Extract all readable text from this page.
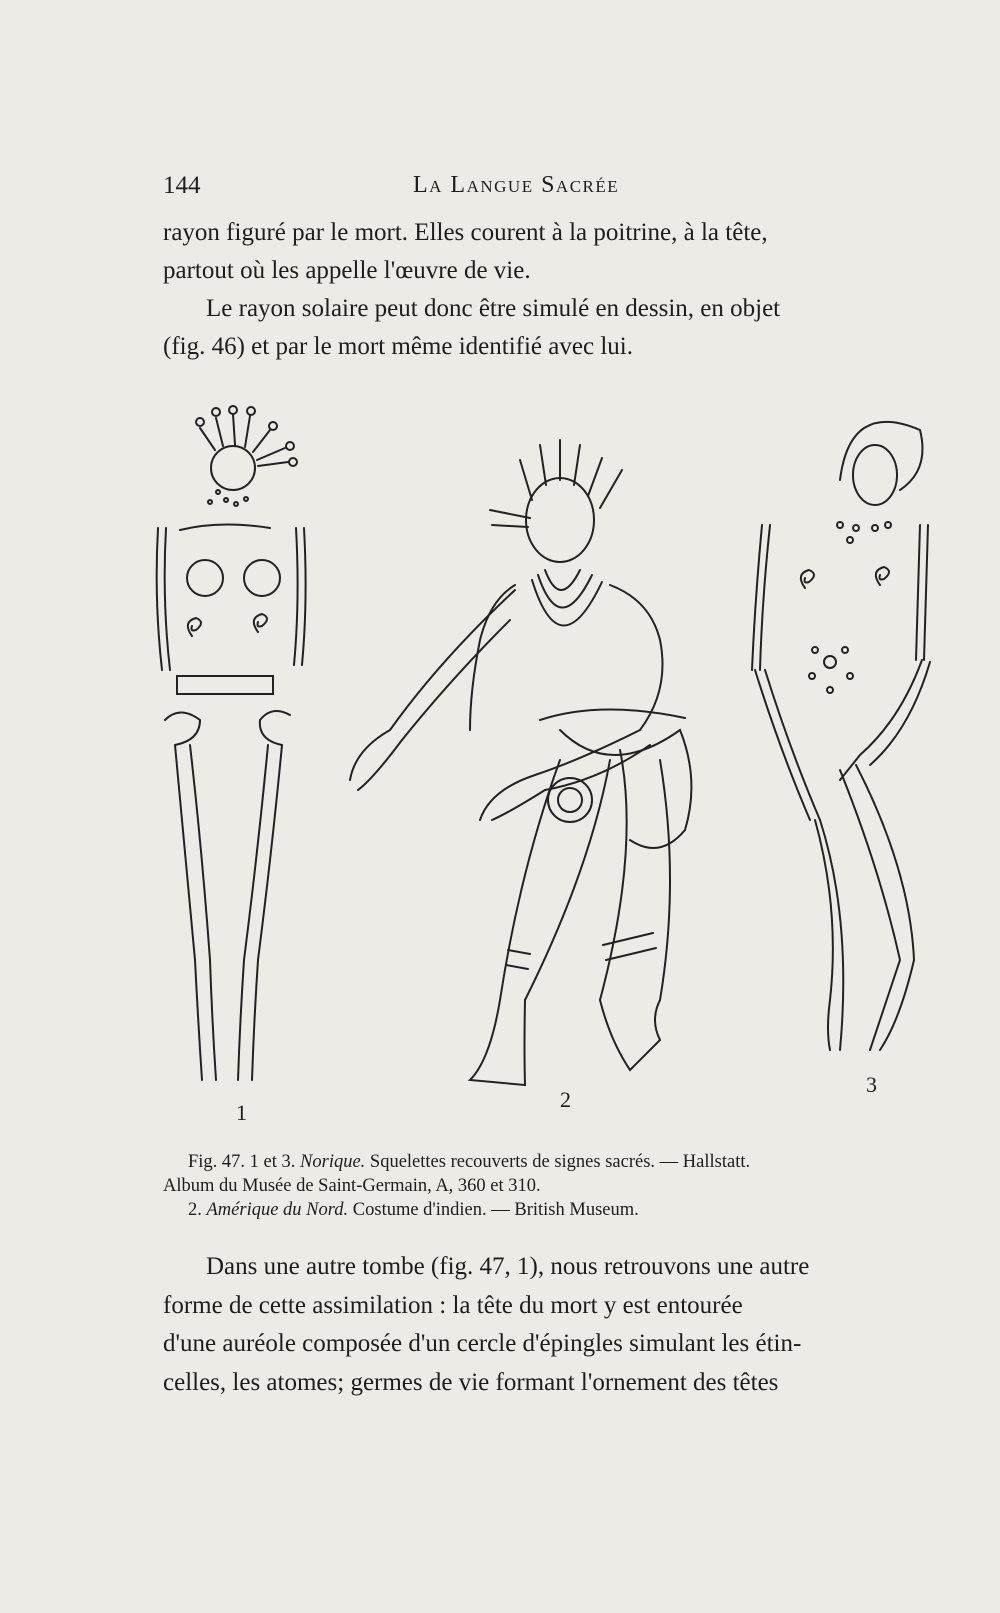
144	La Langue Sacrée
rayon figuré par le mort. Elles courent à la poitrine, à la tête,
partout où les appelle l'œuvre de vie.
Le rayon solaire peut donc être simulé en dessin, en objet
(fig. 46) et par le mort même identifié avec lui.
1
2
3
Fig. 47. 1 et 3. Norique. Squelettes recouverts de signes sacrés. — Hallstatt.
Album du Musée de Saint-Germain, A, 360 et 310.
2. Amérique du Nord. Costume d'indien. — British Museum.
Dans une autre tombe (fig. 47, 1), nous retrouvons une autre
forme de cette assimilation : la tête du mort y est entourée
d'une auréole composée d'un cercle d'épingles simulant les étin-
celles, les atomes; germes de vie formant l'ornement des têtes
